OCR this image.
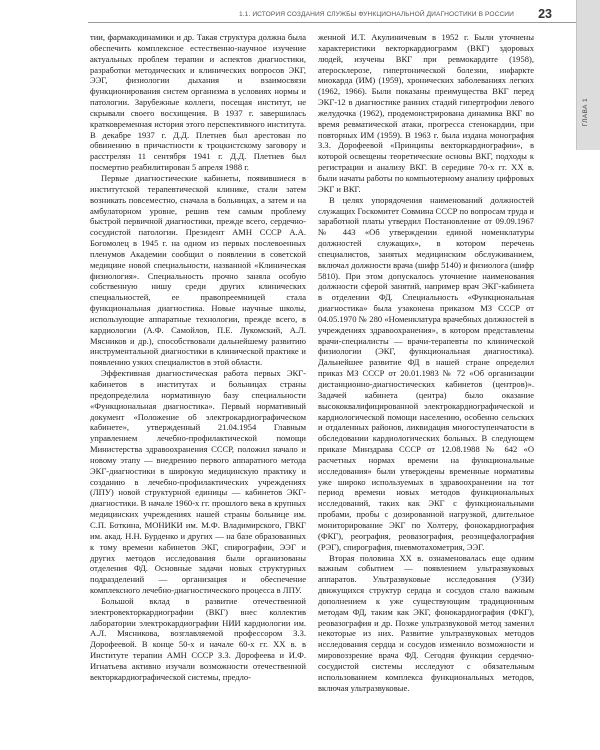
1.1. ИСТОРИЯ СОЗДАНИЯ СЛУЖБЫ ФУНКЦИОНАЛЬНОЙ ДИАГНОСТИКИ В РОССИИ 23
ГЛАВА 1

тии, фармакодинамики и др. Такая структура должна была обеспечить комплексное естественно-научное изучение актуальных проблем терапии и аспектов диагностики, разработки методических и клинических вопросов ЭКГ, ЭЭГ, физиологии дыхания и взаимосвязи функционирования систем организма в условиях нормы и патологии. Зарубежные коллеги, посещая институт, не скрывали своего восхищения. В 1937 г. завершилась кратковременная история этого перспективного института. В декабре 1937 г. Д.Д. Плетнев был арестован по обвинению в причастности к троцкистскому заговору и расстрелян 11 сентября 1941 г. Д.Д. Плетнев был посмертно реабилитирован 5 апреля 1988 г.

Первые диагностические кабинеты, появившиеся в институтской терапевтической клинике, стали затем возникать повсеместно, сначала в больницах, а затем и на амбулаторном уровне, решив тем самым проблему быстрой первичной диагностики, прежде всего, сердечно-сосудистой патологии. Президент АМН СССР А.А. Богомолец в 1945 г. на одном из первых послевоенных пленумов Академии сообщил о появлении в советской медицине новой специальности, названной «Клиническая физиология». Специальность прочно заняла особую собственную нишу среди других клинических специальностей, ее правопреемницей стала функциональная диагностика. Новые научные школы, использующие аппаратные технологии, прежде всего, в кардиологии (А.Ф. Самойлов, П.Е. Лукомский, А.Л. Мясников и др.), способствовали дальнейшему развитию инструментальной диагностики в клинической практике и появлению узких специалистов в этой области.

Эффективная диагностическая работа первых ЭКГ-кабинетов в институтах и больницах страны предопределила нормативную базу специальности «Функциональная диагностика». Первый нормативный документ «Положение об электрокардиографическом кабинете», утвержденный 21.04.1954 Главным управлением лечебно-профилактической помощи Министерства здравоохранения СССР, положил начало и новому этапу — внедрению первого аппаратного метода ЭКГ-диагностики в широкую медицинскую практику и созданию в лечебно-профилактических учреждениях (ЛПУ) новой структурной единицы — кабинетов ЭКГ-диагностики. В начале 1960-х гг. прошлого века в крупных медицинских учреждениях нашей страны больнице им. С.П. Боткина, МОНИКИ им. М.Ф. Владимирского, ГВКГ им. акад. Н.Н. Бурденко и других — на базе образованных к тому времени кабинетов ЭКГ, спирографии, ЭЭГ и других методов исследования были организованы отделения ФД. Основные задачи новых структурных подразделений — организация и обеспечение комплексного лечебно-диагностического процесса в ЛПУ.

Большой вклад в развитие отечественной электровекторкардиографии (ВКГ) внес коллектив лаборатории электрокардиографии НИИ кардиологии им. А.Л. Мясникова, возглавляемой профессором З.З. Дорофеевой. В конце 50-х и начале 60-х гг. XX в. в Институте терапии АМН СССР З.З. Дорофеева и И.Ф. Игнатьева активно изучали возможности отечественной векторкардиографической системы, предло-

женной И.Т. Акулиничевым в 1952 г. Были уточнены характеристики векторкардиограмм (ВКГ) здоровых людей, изучены ВКГ при ревмокардите (1958), атеросклерозе, гипертонической болезни, инфаркте миокарда (ИМ) (1959), хронических заболеваниях легких (1962, 1966). Были показаны преимущества ВКГ перед ЭКГ-12 в диагностике ранних стадий гипертрофии левого желудочка (1962), продемонстрирована динамика ВКГ во время ревматической атаки, прогресса стенокардии, при повторных ИМ (1959). В 1963 г. была издана монография З.З. Дорофеевой «Принципы векторкардиографии», в которой освещены теоретические основы ВКГ, подходы к регистрации и анализу ВКГ. В середине 70-х гг. XX в. были начаты работы по компьютерному анализу цифровых ЭКГ и ВКГ.

В целях упорядочения наименований должностей служащих Госкомитет Совмина СССР по вопросам труда и заработной платы утвердил Постановление от 09.09.1967 № 443 «Об утверждении единой номенклатуры должностей служащих», в котором перечень специалистов, занятых медицинским обслуживанием, включал должности врача (шифр 5140) и физиолога (шифр 5810). При этом допускалось уточнение наименования должности сферой занятий, например врач ЭКГ-кабинета в отделении ФД. Специальность «Функциональная диагностика» была узаконена приказом МЗ СССР от 04.05.1970 № 280 «Номенклатура врачебных должностей в учреждениях здравоохранения», в котором представлены врачи-специалисты — врачи-терапевты по клинической физиологии (ЭКГ, функциональная диагностика). Дальнейшее развитие ФД в нашей стране определил приказ МЗ СССР от 20.01.1983 № 72 «Об организации дистанционно-диагностических кабинетов (центров)». Задачей кабинета (центра) было оказание высококвалифицированной электрокардиографической и кардиологической помощи населению, особенно сельских и отдаленных районов, ликвидация многоступенчатости в обследовании кардиологических больных. В следующем приказе Минздрава СССР от 12.08.1988 № 642 «О расчетных нормах времени на функциональные исследования» были утверждены временные нормативы уже широко используемых в здравоохранении на тот период времени новых методов функциональных исследований, таких как ЭКГ с функциональными пробами, пробы с дозированной нагрузкой, длительное мониторирование ЭКГ по Холтеру, фонокардиография (ФКГ), реография, реовазография, реоэнцефалография (РЭГ), спирография, пневмотахометрия, ЭЭГ.

Вторая половина XX в. ознаменовалась еще одним важным событием — появлением ультразвуковых аппаратов. Ультразвуковые исследования (УЗИ) движущихся структур сердца и сосудов стало важным дополнением к уже существующим традиционным методам ФД, таким как ЭКГ, фонокардиография (ФКГ), реовазография и др. Позже ультразвуковой метод заменил некоторые из них. Развитие ультразвуковых методов исследования сердца и сосудов изменило возможности и мировоззрение врача ФД. Сегодня функции сердечно-сосудистой системы исследуют с обязательным использованием комплекса функциональных методов, включая ультразвуковые.
